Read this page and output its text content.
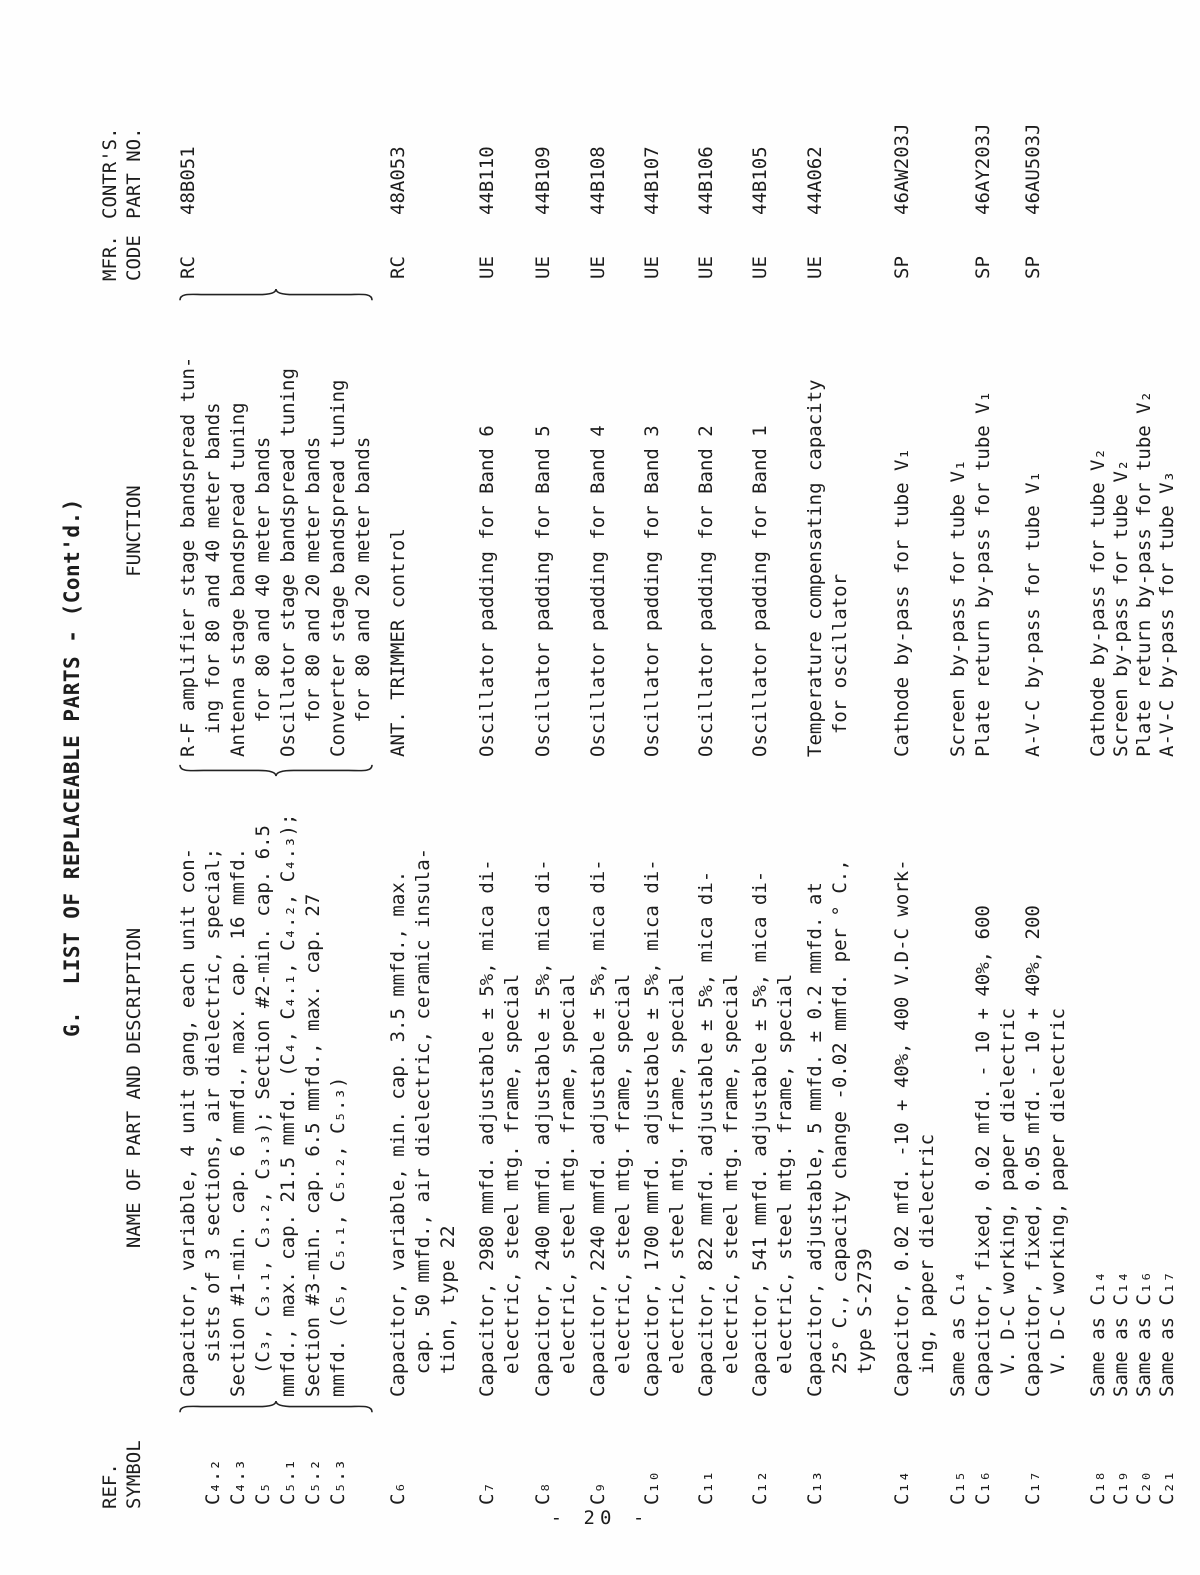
G.  LIST OF REPLACEABLE PARTS - (Cont'd.)
REF. SYMBOL
NAME OF PART AND DESCRIPTION
FUNCTION
MFR. CODE
CONTR'S. PART NO.
C₄.₂ C₄.₃ C₅ C₅.₁ C₅.₂ C₅.₃
Capacitor, variable, 4 unit gang, each unit con- sists of 3 sections, air dielectric, special; Section #1-min. cap. 6 mmfd., max. cap. 16 mmfd. (C₃, C₃.₁, C₃.₂, C₃.₃); Section #2-min. cap. 6.5 mmfd., max. cap. 21.5 mmfd. (C₄, C₄.₁, C₄.₂, C₄.₃); Section #3-min. cap. 6.5 mmfd., max. cap. 27 mmfd. (C₅, C₅.₁, C₅.₂, C₅.₃)
R-F amplifier stage bandspread tun- ing for 80 and 40 meter bands Antenna stage bandspread tuning for 80 and 40 meter bands Oscillator stage bandspread tuning for 80 and 20 meter bands Converter stage bandspread tuning for 80 and 20 meter bands
RC
48B051
C₆
Capacitor, variable, min. cap. 3.5 mmfd., max. cap. 50 mmfd., air dielectric, ceramic insula- tion, type 22
ANT. TRIMMER control
RC
48A053
C₇
Capacitor, 2980 mmfd. adjustable ± 5%, mica di- electric, steel mtg. frame, special
Oscillator padding for Band 6
UE
44B110
C₈
Capacitor, 2400 mmfd. adjustable ± 5%, mica di- electric, steel mtg. frame, special
Oscillator padding for Band 5
UE
44B109
C₉
Capacitor, 2240 mmfd. adjustable ± 5%, mica di- electric, steel mtg. frame, special
Oscillator padding for Band 4
UE
44B108
C₁₀
Capacitor, 1700 mmfd. adjustable ± 5%, mica di- electric, steel mtg. frame, special
Oscillator padding for Band 3
UE
44B107
C₁₁
Capacitor, 822 mmfd. adjustable ± 5%, mica di- electric, steel mtg. frame, special
Oscillator padding for Band 2
UE
44B106
C₁₂
Capacitor, 541 mmfd. adjustable ± 5%, mica di- electric, steel mtg. frame, special
Oscillator padding for Band 1
UE
44B105
C₁₃
Capacitor, adjustable, 5 mmfd. ± 0.2 mmfd. at 25° C., capacity change -0.02 mmfd. per ° C., type S-2739
Temperature compensating capacity for oscillator
UE
44A062
C₁₄
Capacitor, 0.02 mfd. -10 + 40%, 400 V.D-C work- ing, paper dielectric
Cathode by-pass for tube V₁
SP
46AW203J
C₁₅
Same as C₁₄
Screen by-pass for tube V₁
C₁₆
Capacitor, fixed, 0.02 mfd. - 10 + 40%, 600 V. D-C working, paper dielectric
Plate return by-pass for tube V₁
SP
46AY203J
C₁₇
Capacitor, fixed, 0.05 mfd. - 10 + 40%, 200 V. D-C working, paper dielectric
A-V-C by-pass for tube V₁
SP
46AU503J
C₁₈
Same as C₁₄
Cathode by-pass for tube V₂
C₁₉
Same as C₁₄
Screen by-pass for tube V₂
C₂₀
Same as C₁₆
Plate return by-pass for tube V₂
C₂₁
Same as C₁₇
A-V-C by-pass for tube V₃
- 20 -
